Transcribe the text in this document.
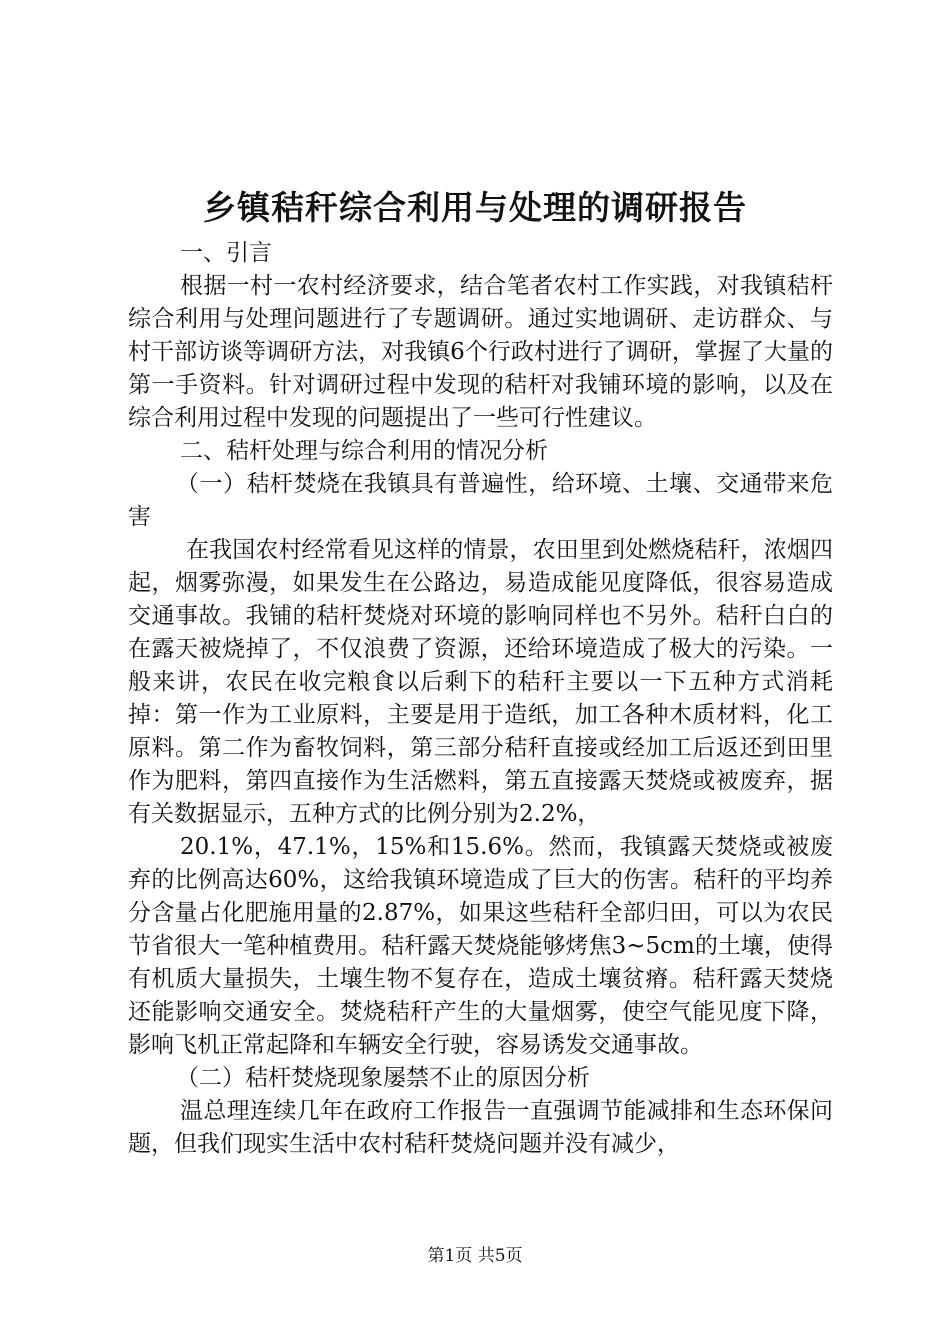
乡镇秸秆综合利用与处理的调研报告

一、引言

根据一村一农村经济要求，结合笔者农村工作实践，对我镇秸杆综合利用与处理问题进行了专题调研。通过实地调研、走访群众、与村干部访谈等调研方法，对我镇6个行政村进行了调研，掌握了大量的第一手资料。针对调研过程中发现的秸杆对我铺环境的影响，以及在综合利用过程中发现的问题提出了一些可行性建议。

二、秸杆处理与综合利用的情况分析

（一）秸杆焚烧在我镇具有普遍性，给环境、土壤、交通带来危害

在我国农村经常看见这样的情景，农田里到处燃烧秸秆，浓烟四起，烟雾弥漫，如果发生在公路边，易造成能见度降低，很容易造成交通事故。我铺的秸杆焚烧对环境的影响同样也不另外。秸秆白白的在露天被烧掉了，不仅浪费了资源，还给环境造成了极大的污染。一般来讲，农民在收完粮食以后剩下的秸秆主要以一下五种方式消耗掉：第一作为工业原料，主要是用于造纸，加工各种木质材料，化工原料。第二作为畜牧饲料，第三部分秸秆直接或经加工后返还到田里作为肥料，第四直接作为生活燃料，第五直接露天焚烧或被废弃，据有关数据显示，五种方式的比例分别为2.2%，

20.1%，47.1%，15%和15.6%。然而，我镇露天焚烧或被废弃的比例高达60%，这给我镇环境造成了巨大的伤害。秸秆的平均养分含量占化肥施用量的2.87%，如果这些秸秆全部归田，可以为农民节省很大一笔种植费用。秸秆露天焚烧能够烤焦3~5cm的土壤，使得有机质大量损失，土壤生物不复存在，造成土壤贫瘠。秸秆露天焚烧还能影响交通安全。焚烧秸秆产生的大量烟雾，使空气能见度下降，影响飞机正常起降和车辆安全行驶，容易诱发交通事故。

（二）秸杆焚烧现象屡禁不止的原因分析

温总理连续几年在政府工作报告一直强调节能减排和生态环保问题，但我们现实生活中农村秸秆焚烧问题并没有减少，

第1页 共5页
